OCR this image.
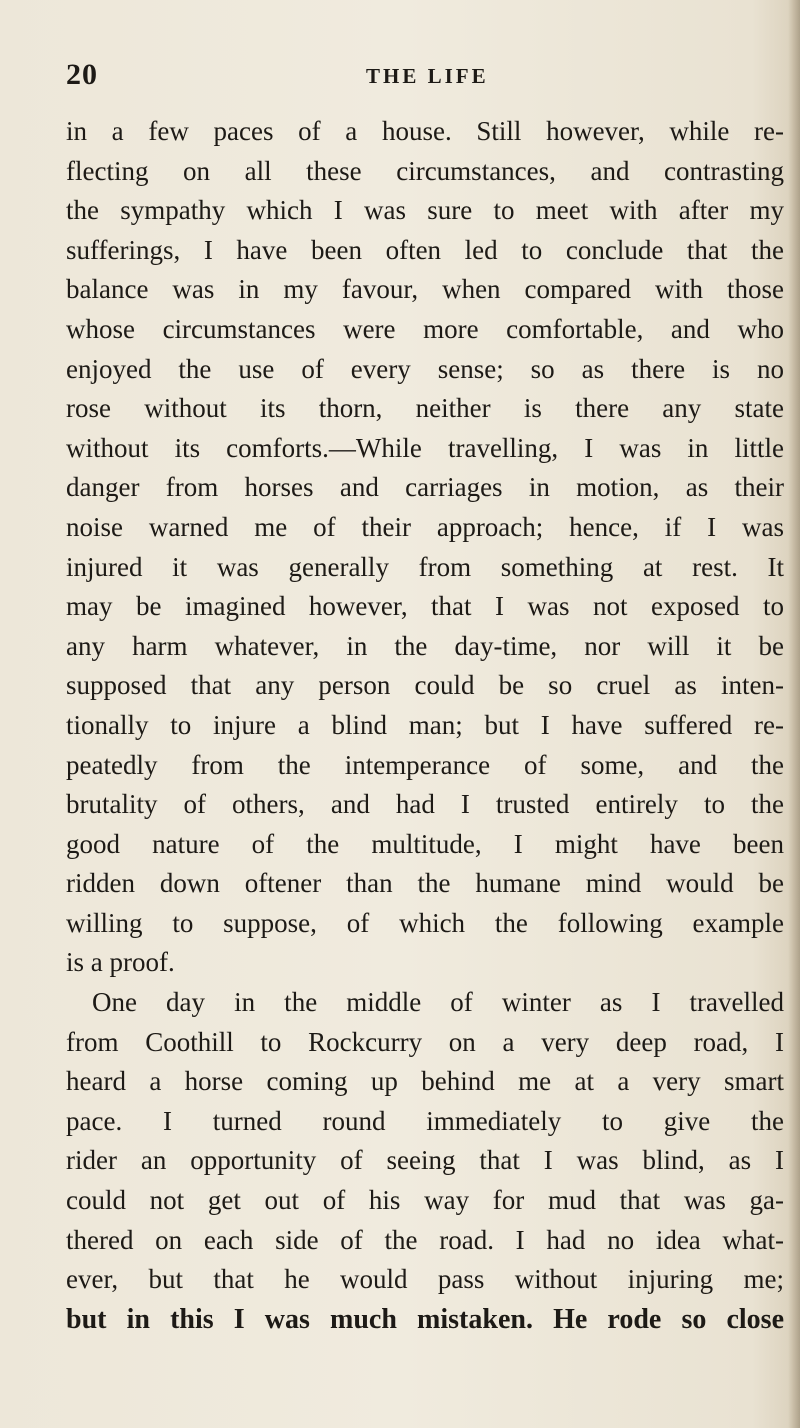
20	THE LIFE
in a few paces of a house. Still however, while re-
flecting on all these circumstances, and contrasting
the sympathy which I was sure to meet with after my
sufferings, I have been often led to conclude that the
balance was in my favour, when compared with those
whose circumstances were more comfortable, and who
enjoyed the use of every sense; so as there is no
rose without its thorn, neither is there any state
without its comforts.—While travelling, I was in little
danger from horses and carriages in motion, as their
noise warned me of their approach; hence, if I was
injured it was generally from something at rest. It
may be imagined however, that I was not exposed to
any harm whatever, in the day-time, nor will it be
supposed that any person could be so cruel as inten-
tionally to injure a blind man; but I have suffered re-
peatedly from the intemperance of some, and the
brutality of others, and had I trusted entirely to the
good nature of the multitude, I might have been
ridden down oftener than the humane mind would be
willing to suppose, of which the following example
is a proof.
One day in the middle of winter as I travelled
from Coothill to Rockcurry on a very deep road, I
heard a horse coming up behind me at a very smart
pace. I turned round immediately to give the
rider an opportunity of seeing that I was blind, as I
could not get out of his way for mud that was ga-
thered on each side of the road. I had no idea what-
ever, but that he would pass without injuring me;
but in this I was much mistaken. He rode so close
